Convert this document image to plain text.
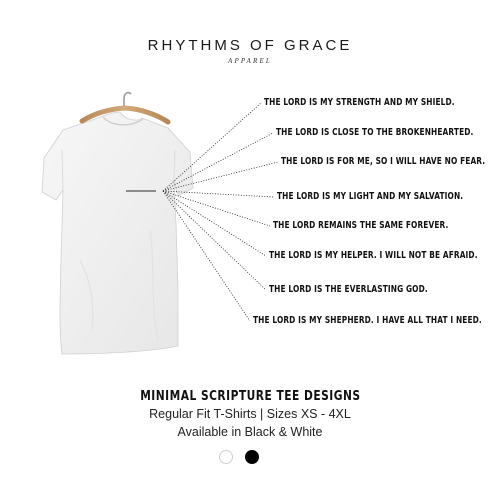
RHYTHMS OF GRACE
APPAREL
THE LORD IS MY STRENGTH AND MY SHIELD.
THE LORD IS CLOSE TO THE BROKENHEARTED.
THE LORD IS FOR ME, SO I WILL HAVE NO FEAR.
THE LORD IS MY LIGHT AND MY SALVATION.
THE LORD REMAINS THE SAME FOREVER.
THE LORD IS MY HELPER. I WILL NOT BE AFRAID.
THE LORD IS THE EVERLASTING GOD.
THE LORD IS MY SHEPHERD. I HAVE ALL THAT I NEED.
MINIMAL SCRIPTURE TEE DESIGNS
Regular Fit T-Shirts | Sizes XS - 4XL
Available in Black & White
